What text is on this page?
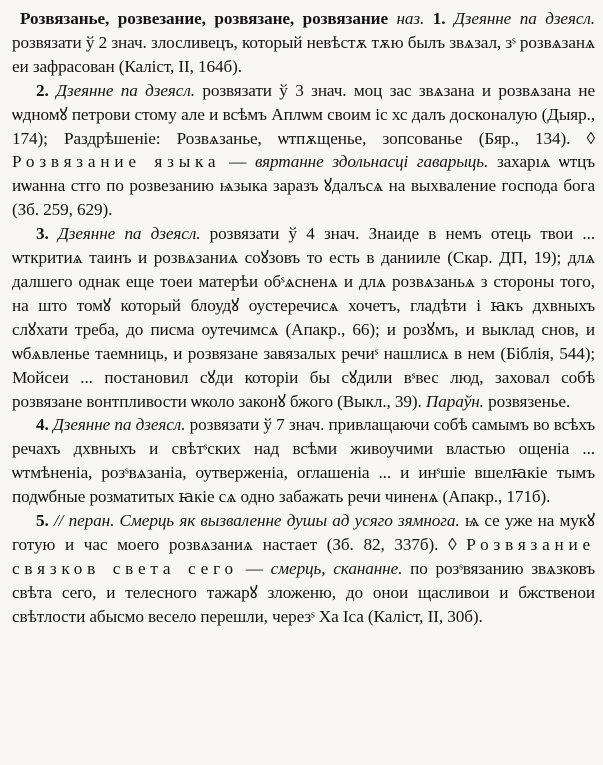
Розвязанье, розвезание, розвязане, розвязание наз. 1. Дзеянне па дзеясл. розвязати ў 2 знач. злосливецъ, который невѣстѫ тѫю былъ звѧзал, зˢ розвѧзанѧ еи зафрасован (Каліст, II, 164б).

2. Дзеянне па дзеясл. розвязати ў 3 знач. моц зас звѧзана и розвѧзана не ѡдномꙋ петрови стому але и всѣмъ Аплѡм своим іс хс далъ досконалую (Дыяр., 174); Раздрѣшеніе: Розвѧзанье, ѡтпѫщенье, зопсованье (Бяр., 134). ◊ Розвязание языка — вяртанне здольнасці гаварыць. захарıѧ ѡтцъ иѡанна стго по розвезанию ѩзыка заразъ ꙋдалъсѧ на выхваление господа бога (Зб. 259, 629).

3. Дзеянне па дзеясл. розвязати ў 4 знач. Знаиде в немъ отець твои ... ѡткритиѧ таинъ и розвѧзаниѧ соꙋзовъ то есть в данииле (Скар. ДП, 19); длѧ далшего однак еще тоеи матерѣи обˢѧсненѧ и длѧ розвѧзаньѧ з стороны того, на што томꙋ который блоудꙋ оустеречисѧ хочетъ, гладѣти і ꙗкъ дхвныхъ слꙋхати треба, до писма оутечимсѧ (Апакр., 66); и розꙋмъ, и выклад снов, и ѡбѧвленье таемниць, и розвязане завязалых речиˢ нашлисѧ в нем (Біблія, 544); Мойсеи ... постановил сꙋди которіи бы сꙋдили вˢвес люд, заховал собѣ розвязане вонтпливости ѡколо законꙋ бжого (Выкл., 39). Параўн. розвязенье.

4. Дзеянне па дзеясл. розвязати ў 7 знач. привлащаючи собѣ самымъ во всѣхъ речахъ дхвныхъ и свѣтˢских над всѣми живоучими властью ощеніа ... ѡтмѣненіа, розˢвѧзаніа, оутверженіа, оглашеніа ... и инˢшіе вшелꙗкіе тымъ подѡбные розматитых ꙗкіе сѧ одно забажать речи чиненѧ (Апакр., 171б).

5. // перан. Смерць як вызваленне душы ад усяго зямнога. ѩ се уже на мукꙋ готую и час моего розвѧзаниѧ настает (Зб. 82, 337б). ◊ Розвязание связков света сего — смерць, скананне. по розˢвязанию звѧзковъ свѣта сего, и телесного тажарꙋ зложеню, до онои щасливои и бжственои свѣтлости абысмо весело перешли, черезˢ Ха Іса (Каліст, II, 30б).
